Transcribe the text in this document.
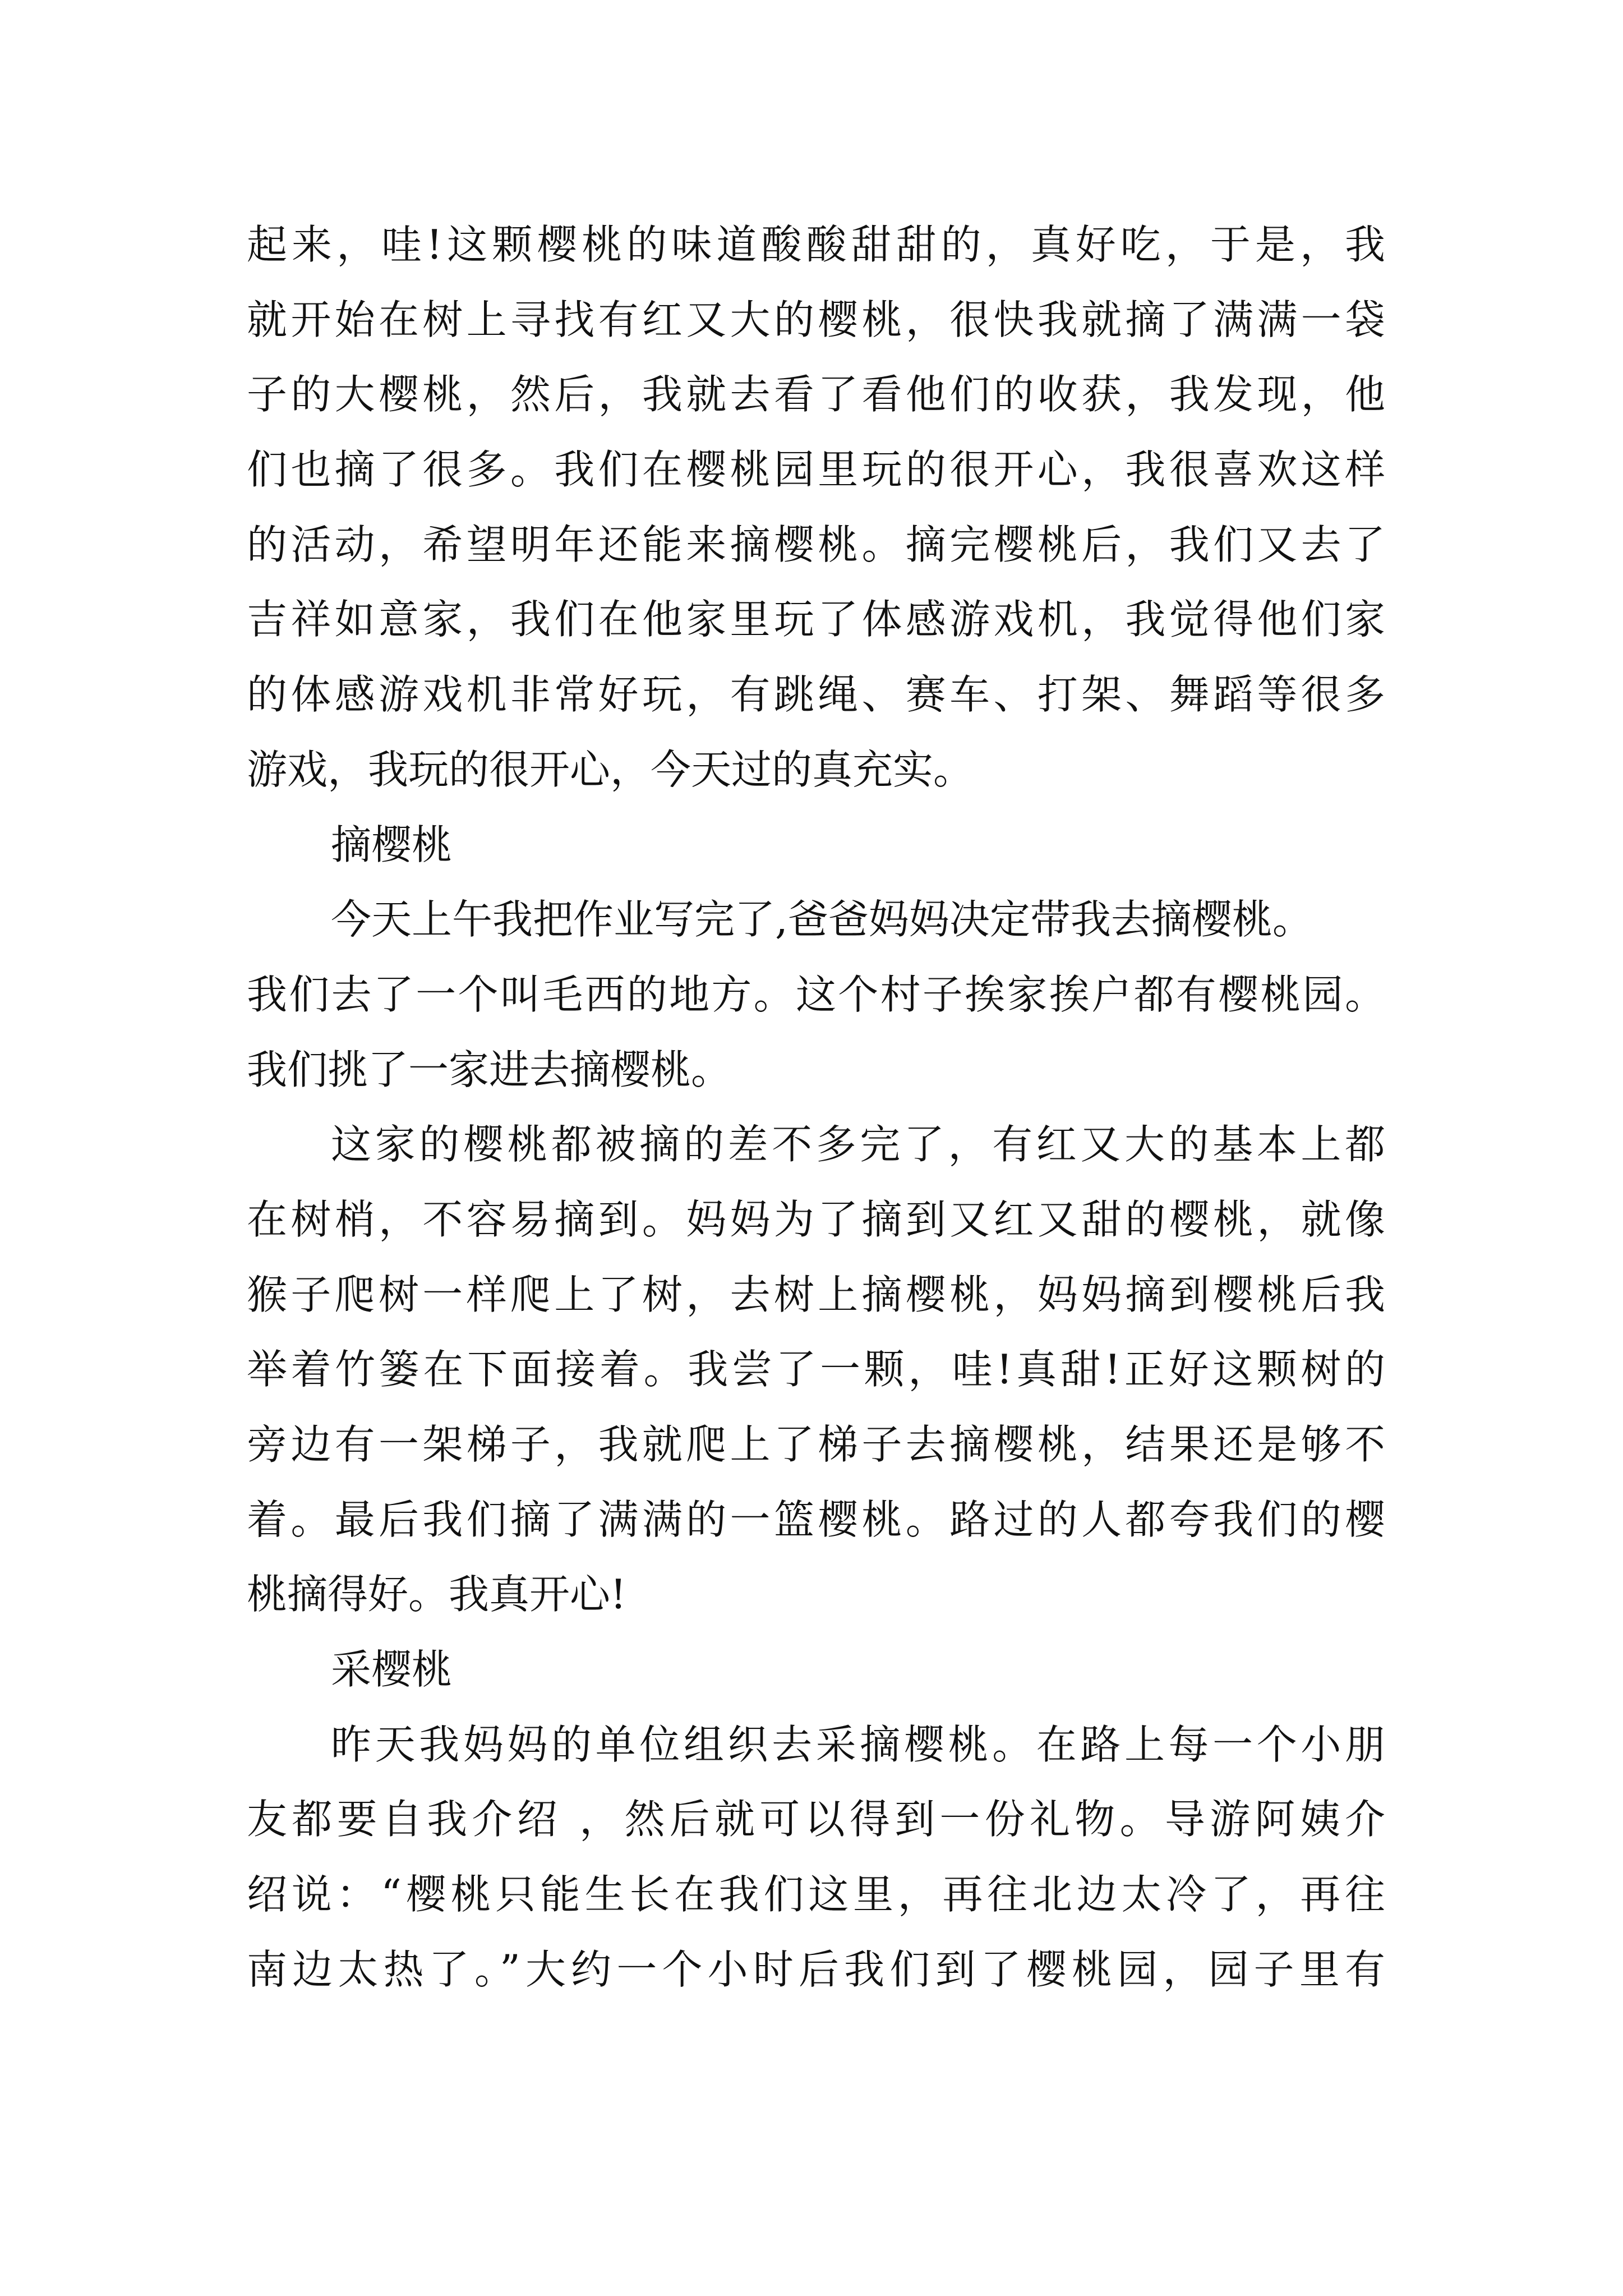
起来，哇!这颗樱桃的味道酸酸甜甜的，真好吃，于是，我
就开始在树上寻找有红又大的樱桃，很快我就摘了满满一袋
子的大樱桃，然后，我就去看了看他们的收获，我发现，他
们也摘了很多。我们在樱桃园里玩的很开心，我很喜欢这样
的活动，希望明年还能来摘樱桃。摘完樱桃后，我们又去了
吉祥如意家，我们在他家里玩了体感游戏机，我觉得他们家
的体感游戏机非常好玩，有跳绳、赛车、打架、舞蹈等很多
游戏，我玩的很开心，今天过的真充实。
摘樱桃
今天上午我把作业写完了,爸爸妈妈决定带我去摘樱桃。
我们去了一个叫毛西的地方。这个村子挨家挨户都有樱桃园。
我们挑了一家进去摘樱桃。
这家的樱桃都被摘的差不多完了，有红又大的基本上都
在树梢，不容易摘到。妈妈为了摘到又红又甜的樱桃，就像
猴子爬树一样爬上了树，去树上摘樱桃，妈妈摘到樱桃后我
举着竹篓在下面接着。我尝了一颗，哇!真甜!正好这颗树的
旁边有一架梯子，我就爬上了梯子去摘樱桃，结果还是够不
着。最后我们摘了满满的一篮樱桃。路过的人都夸我们的樱
桃摘得好。我真开心!
采樱桃
昨天我妈妈的单位组织去采摘樱桃。在路上每一个小朋
友都要自我介绍 ，然后就可以得到一份礼物。导游阿姨介
绍说：“樱桃只能生长在我们这里，再往北边太冷了，再往
南边太热了。”大约一个小时后我们到了樱桃园，园子里有
